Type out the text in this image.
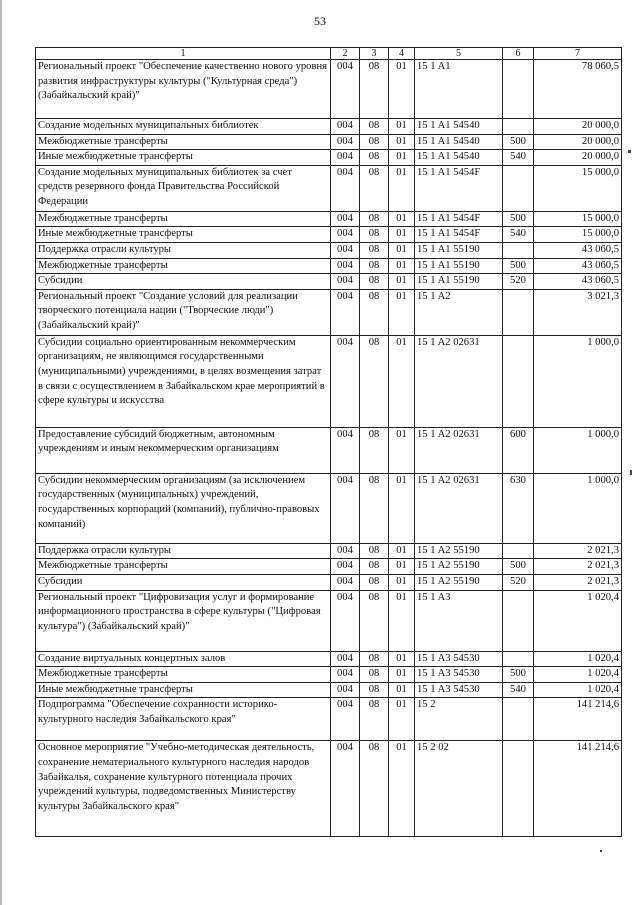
53
1	2	3	4	5	6	7
Региональный проект "Обеспечение качественно нового уровня развития инфраструктуры культуры ("Культурная среда") (Забайкальский край)"	004	08	01	15 1 A1		78 060,5
Создание модельных муниципальных библиотек	004	08	01	15 1 A1 54540		20 000,0
Межбюджетные трансферты	004	08	01	15 1 A1 54540	500	20 000,0
Иные межбюджетные трансферты	004	08	01	15 1 A1 54540	540	20 000,0
Создание модельных муниципальных библиотек за счет средств резервного фонда Правительства Российской Федерации	004	08	01	15 1 A1 5454F		15 000,0
Межбюджетные трансферты	004	08	01	15 1 A1 5454F	500	15 000,0
Иные межбюджетные трансферты	004	08	01	15 1 A1 5454F	540	15 000,0
Поддержка отрасли культуры	004	08	01	15 1 A1 55190		43 060,5
Межбюджетные трансферты	004	08	01	15 1 A1 55190	500	43 060,5
Субсидии	004	08	01	15 1 A1 55190	520	43 060,5
Региональный проект "Создание условий для реализации творческого потенциала нации ("Творческие люди") (Забайкальский край)"	004	08	01	15 1 A2		3 021,3
Субсидии социально ориентированным некоммерческим организациям, не являющимся государственными (муниципальными) учреждениями, в целях возмещения затрат в связи с осуществлением в Забайкальском крае мероприятий в сфере культуры и искусства	004	08	01	15 1 A2 02631		1 000,0
Предоставление субсидий бюджетным, автономным учреждениям и иным некоммерческим организациям	004	08	01	15 1 A2 02631	600	1 000,0
Субсидии некоммерческим организациям (за исключением государственных (муниципальных) учреждений, государственных корпораций (компаний), публично-правовых компаний)	004	08	01	15 1 A2 02631	630	1 000,0
Поддержка отрасли культуры	004	08	01	15 1 A2 55190		2 021,3
Межбюджетные трансферты	004	08	01	15 1 A2 55190	500	2 021,3
Субсидии	004	08	01	15 1 A2 55190	520	2 021,3
Региональный проект "Цифровизация услуг и формирование информационного пространства в сфере культуры ("Цифровая культура") (Забайкальский край)"	004	08	01	15 1 A3		1 020,4
Создание виртуальных концертных залов	004	08	01	15 1 A3 54530		1 020,4
Межбюджетные трансферты	004	08	01	15 1 A3 54530	500	1 020,4
Иные межбюджетные трансферты	004	08	01	15 1 A3 54530	540	1 020,4
Подпрограмма "Обеспечение сохранности историко-культурного наследия Забайкальского края"	004	08	01	15 2		141 214,6
Основное мероприятие "Учебно-методическая деятельность, сохранение нематериального культурного наследия народов Забайкалья, сохранение культурного потенциала прочих учреждений культуры, подведомственных Министерству культуры Забайкальского края"	004	08	01	15 2 02		141 214,6
